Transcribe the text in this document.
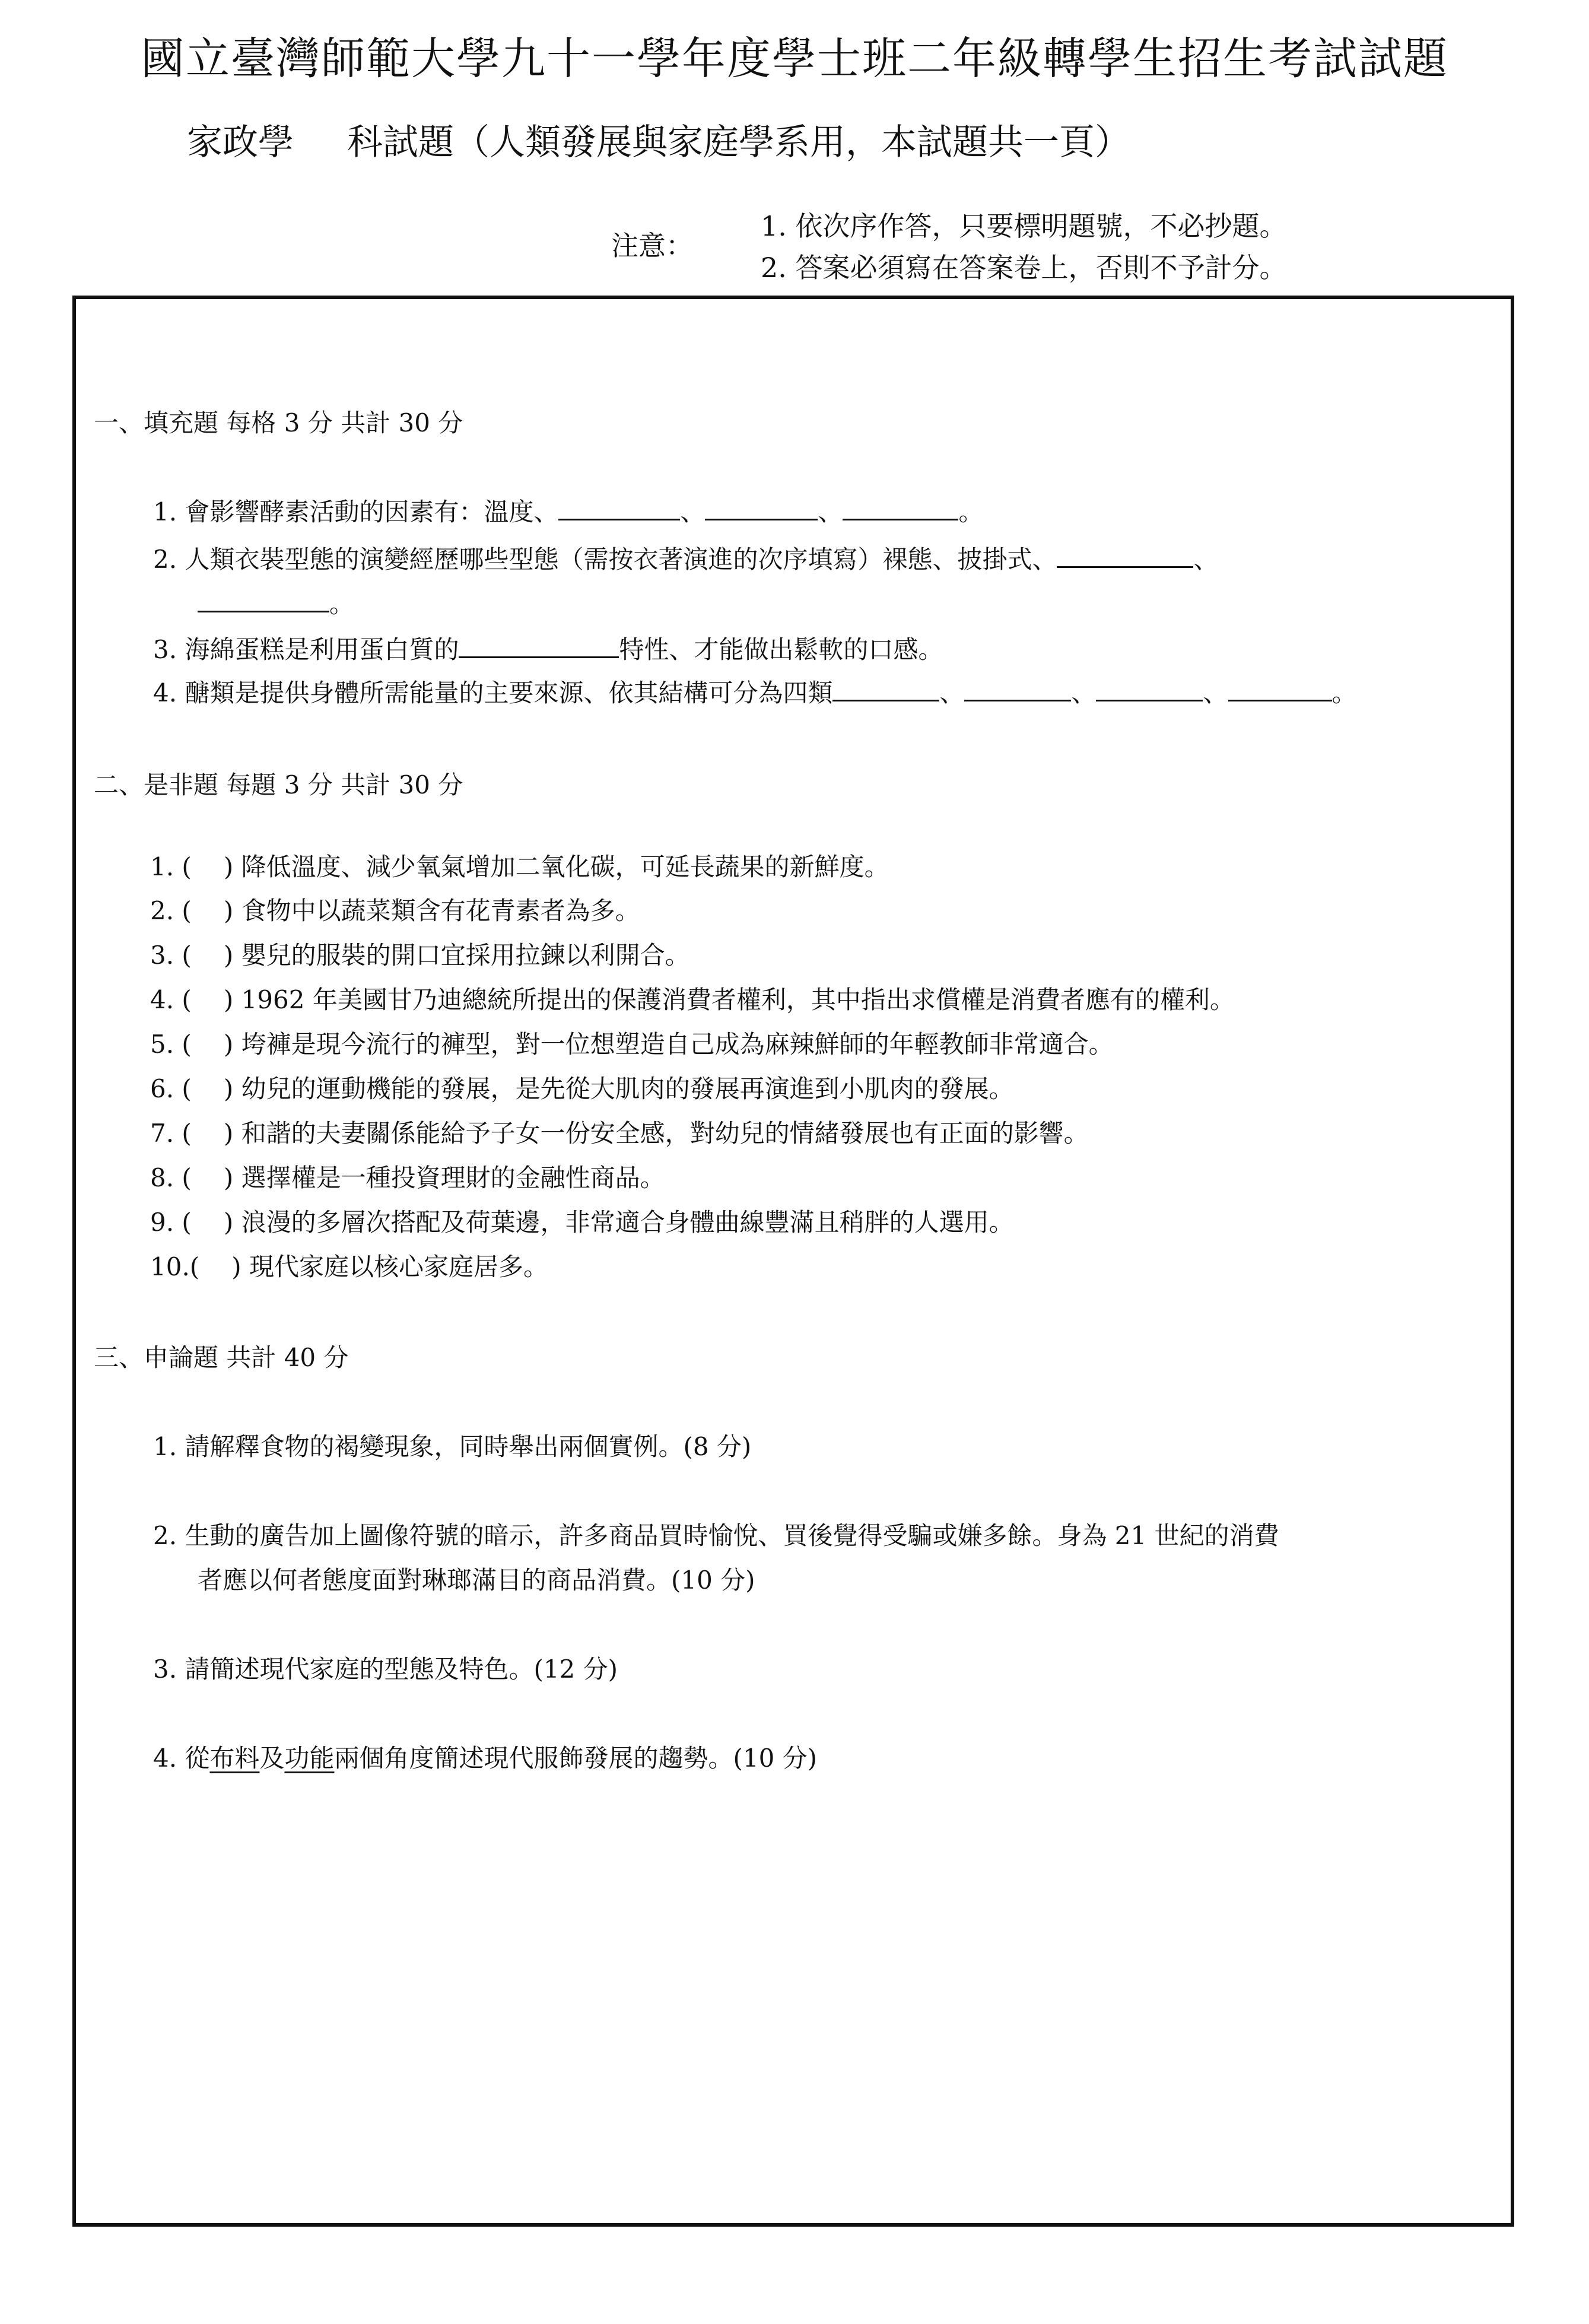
國立臺灣師範大學九十一學年度學士班二年級轉學生招生考試試題
家政學 科試題（人類發展與家庭學系用，本試題共一頁）
注意：
1. 依次序作答，只要標明題號，不必抄題。
2. 答案必須寫在答案卷上，否則不予計分。
一、填充題 每格 3 分 共計 30 分
1. 會影響酵素活動的因素有：溫度、	、	、	。
2. 人類衣裝型態的演變經歷哪些型態（需按衣著演進的次序填寫）裸態、披掛式、	、
。
3. 海綿蛋糕是利用蛋白質的	特性、才能做出鬆軟的口感。
4. 醣類是提供身體所需能量的主要來源、依其結構可分為四類	、	、	、	。
二、是非題 每題 3 分 共計 30 分
1. ( ) 降低溫度、減少氧氣增加二氧化碳，可延長蔬果的新鮮度。
2. ( ) 食物中以蔬菜類含有花青素者為多。
3. ( ) 嬰兒的服裝的開口宜採用拉鍊以利開合。
4. ( ) 1962 年美國甘乃迪總統所提出的保護消費者權利，其中指出求償權是消費者應有的權利。
5. ( ) 垮褲是現今流行的褲型，對一位想塑造自己成為麻辣鮮師的年輕教師非常適合。
6. ( ) 幼兒的運動機能的發展，是先從大肌肉的發展再演進到小肌肉的發展。
7. ( ) 和諧的夫妻關係能給予子女一份安全感，對幼兒的情緒發展也有正面的影響。
8. ( ) 選擇權是一種投資理財的金融性商品。
9. ( ) 浪漫的多層次搭配及荷葉邊，非常適合身體曲線豐滿且稍胖的人選用。
10.( ) 現代家庭以核心家庭居多。
三、申論題 共計 40 分
1. 請解釋食物的褐變現象，同時舉出兩個實例。(8 分)
2. 生動的廣告加上圖像符號的暗示，許多商品買時愉悅、買後覺得受騙或嫌多餘。身為 21 世紀的消費
者應以何者態度面對琳瑯滿目的商品消費。(10 分)
3. 請簡述現代家庭的型態及特色。(12 分)
4. 從布料及功能兩個角度簡述現代服飾發展的趨勢。(10 分)
